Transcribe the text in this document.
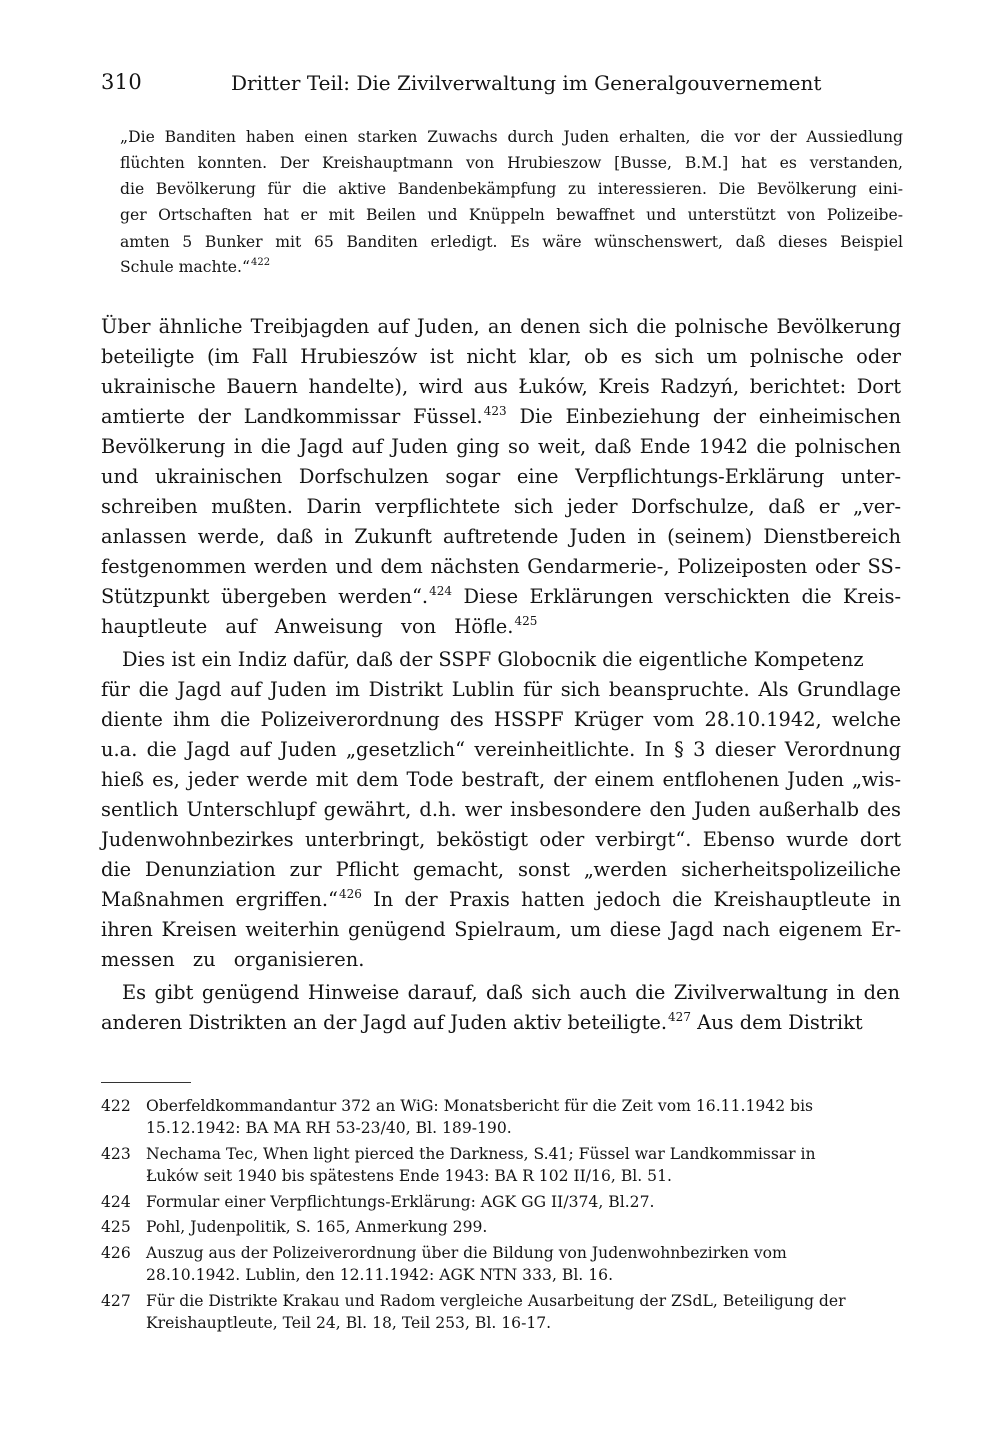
310	Dritter Teil: Die Zivilverwaltung im Generalgouvernement
„Die Banditen haben einen starken Zuwachs durch Juden erhalten, die vor der Aussiedlung
flüchten konnten. Der Kreishauptmann von Hrubieszow [Busse, B.M.] hat es verstanden,
die Bevölkerung für die aktive Bandenbekämpfung zu interessieren. Die Bevölkerung eini-
ger Ortschaften hat er mit Beilen und Knüppeln bewaffnet und unterstützt von Polizeibe-
amten 5 Bunker mit 65 Banditen erledigt. Es wäre wünschenswert, daß dieses Beispiel
Schule machte.“$^{422}$
Über ähnliche Treibjagden auf Juden, an denen sich die polnische Bevölkerung
beteiligte (im Fall Hrubieszów ist nicht klar, ob es sich um polnische oder
ukrainische Bauern handelte), wird aus Łuków, Kreis Radzyń, berichtet: Dort
amtierte der Landkommissar Füssel.$^{423}$ Die Einbeziehung der einheimischen
Bevölkerung in die Jagd auf Juden ging so weit, daß Ende 1942 die polnischen
und ukrainischen Dorfschulzen sogar eine Verpflichtungs-Erklärung unter-
schreiben mußten. Darin verpflichtete sich jeder Dorfschulze, daß er „ver-
anlassen werde, daß in Zukunft auftretende Juden in (seinem) Dienstbereich
festgenommen werden und dem nächsten Gendarmerie-, Polizeiposten oder SS-
Stützpunkt übergeben werden“.$^{424}$ Diese Erklärungen verschickten die Kreis-
hauptleute auf Anweisung von Höfle.$^{425}$
Dies ist ein Indiz dafür, daß der SSPF Globocnik die eigentliche Kompetenz
für die Jagd auf Juden im Distrikt Lublin für sich beanspruchte. Als Grundlage
diente ihm die Polizeiverordnung des HSSPF Krüger vom 28.10.1942, welche
u.a. die Jagd auf Juden „gesetzlich“ vereinheitlichte. In § 3 dieser Verordnung
hieß es, jeder werde mit dem Tode bestraft, der einem entflohenen Juden „wis-
sentlich Unterschlupf gewährt, d.h. wer insbesondere den Juden außerhalb des
Judenwohnbezirkes unterbringt, beköstigt oder verbirgt“. Ebenso wurde dort
die Denunziation zur Pflicht gemacht, sonst „werden sicherheitspolizeiliche
Maßnahmen ergriffen.“$^{426}$ In der Praxis hatten jedoch die Kreishauptleute in
ihren Kreisen weiterhin genügend Spielraum, um diese Jagd nach eigenem Er-
messen zu organisieren.
Es gibt genügend Hinweise darauf, daß sich auch die Zivilverwaltung in den
anderen Distrikten an der Jagd auf Juden aktiv beteiligte.$^{427}$ Aus dem Distrikt
422 Oberfeldkommandantur 372 an WiG: Monatsbericht für die Zeit vom 16.11.1942 bis
15.12.1942: BA MA RH 53-23/40, Bl. 189-190.
423 Nechama Tec, When light pierced the Darkness, S.41; Füssel war Landkommissar in
Łuków seit 1940 bis spätestens Ende 1943: BA R 102 II/16, Bl. 51.
424 Formular einer Verpflichtungs-Erklärung: AGK GG II/374, Bl.27.
425 Pohl, Judenpolitik, S. 165, Anmerkung 299.
426 Auszug aus der Polizeiverordnung über die Bildung von Judenwohnbezirken vom
28.10.1942. Lublin, den 12.11.1942: AGK NTN 333, Bl. 16.
427 Für die Distrikte Krakau und Radom vergleiche Ausarbeitung der ZSdL, Beteiligung der
Kreishauptleute, Teil 24, Bl. 18, Teil 253, Bl. 16-17.
